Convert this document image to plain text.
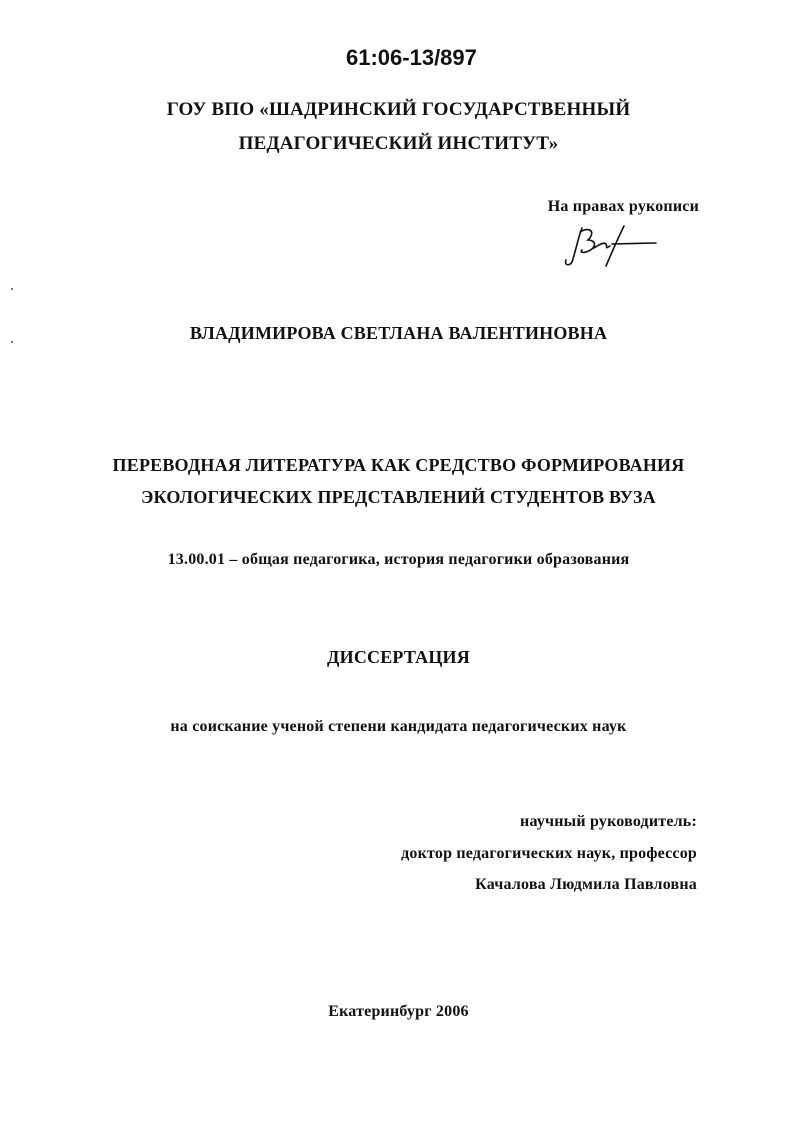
61:06-13/897
ГОУ ВПО «ШАДРИНСКИЙ ГОСУДАРСТВЕННЫЙ
ПЕДАГОГИЧЕСКИЙ ИНСТИТУТ»
На правах рукописи
ВЛАДИМИРОВА СВЕТЛАНА ВАЛЕНТИНОВНА
ПЕРЕВОДНАЯ ЛИТЕРАТУРА КАК СРЕДСТВО ФОРМИРОВАНИЯ
ЭКОЛОГИЧЕСКИХ ПРЕДСТАВЛЕНИЙ СТУДЕНТОВ ВУЗА
13.00.01 – общая педагогика, история педагогики образования
ДИССЕРТАЦИЯ
на соискание ученой степени кандидата педагогических наук
научный руководитель:
доктор педагогических наук, профессор
Качалова Людмила Павловна
Екатеринбург 2006
